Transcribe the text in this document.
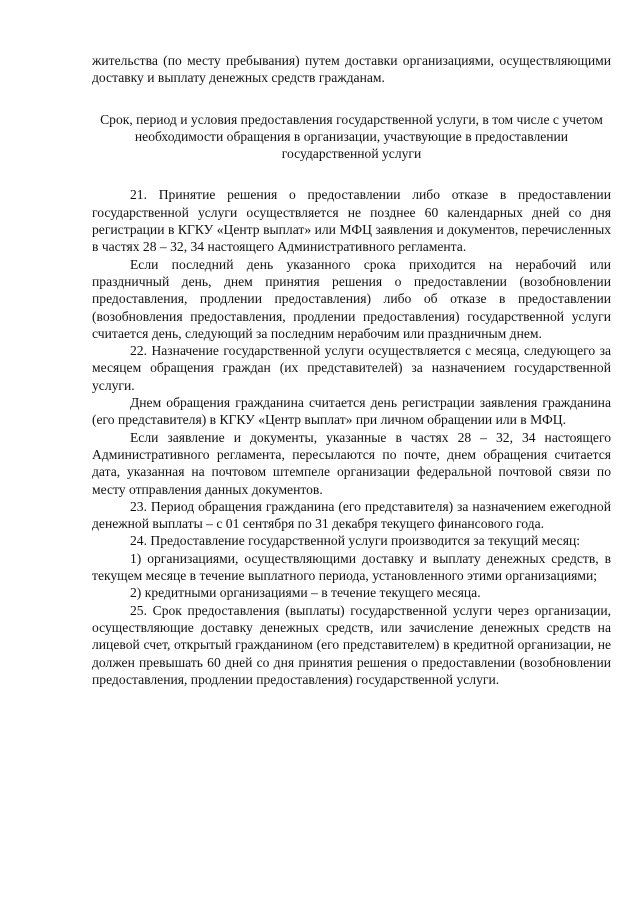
жительства (по месту пребывания) путем доставки организациями, осуществляющими доставку и выплату денежных средств гражданам.

Срок, период и условия предоставления государственной услуги, в том числе с учетом необходимости обращения в организации, участвующие в предоставлении государственной услуги

21. Принятие решения о предоставлении либо отказе в предоставлении государственной услуги осуществляется не позднее 60 календарных дней со дня регистрации в КГКУ «Центр выплат» или МФЦ заявления и документов, перечисленных в частях 28 – 32, 34 настоящего Административного регламента.

Если последний день указанного срока приходится на нерабочий или праздничный день, днем принятия решения о предоставлении (возобновлении предоставления, продлении предоставления) либо об отказе в предоставлении (возобновления предоставления, продлении предоставления) государственной услуги считается день, следующий за последним нерабочим или праздничным днем.

22. Назначение государственной услуги осуществляется с месяца, следующего за месяцем обращения граждан (их представителей) за назначением государственной услуги.

Днем обращения гражданина считается день регистрации заявления гражданина (его представителя) в КГКУ «Центр выплат» при личном обращении или в МФЦ.

Если заявление и документы, указанные в частях 28 – 32, 34 настоящего Административного регламента, пересылаются по почте, днем обращения считается дата, указанная на почтовом штемпеле организации федеральной почтовой связи по месту отправления данных документов.

23. Период обращения гражданина (его представителя) за назначением ежегодной денежной выплаты – с 01 сентября по 31 декабря текущего финансового года.

24. Предоставление государственной услуги производится за текущий месяц:

1) организациями, осуществляющими доставку и выплату денежных средств, в текущем месяце в течение выплатного периода, установленного этими организациями;

2) кредитными организациями – в течение текущего месяца.

25. Срок предоставления (выплаты) государственной услуги через организации, осуществляющие доставку денежных средств, или зачисление денежных средств на лицевой счет, открытый гражданином (его представителем) в кредитной организации, не должен превышать 60 дней со дня принятия решения о предоставлении (возобновлении предоставления, продлении предоставления) государственной услуги.
